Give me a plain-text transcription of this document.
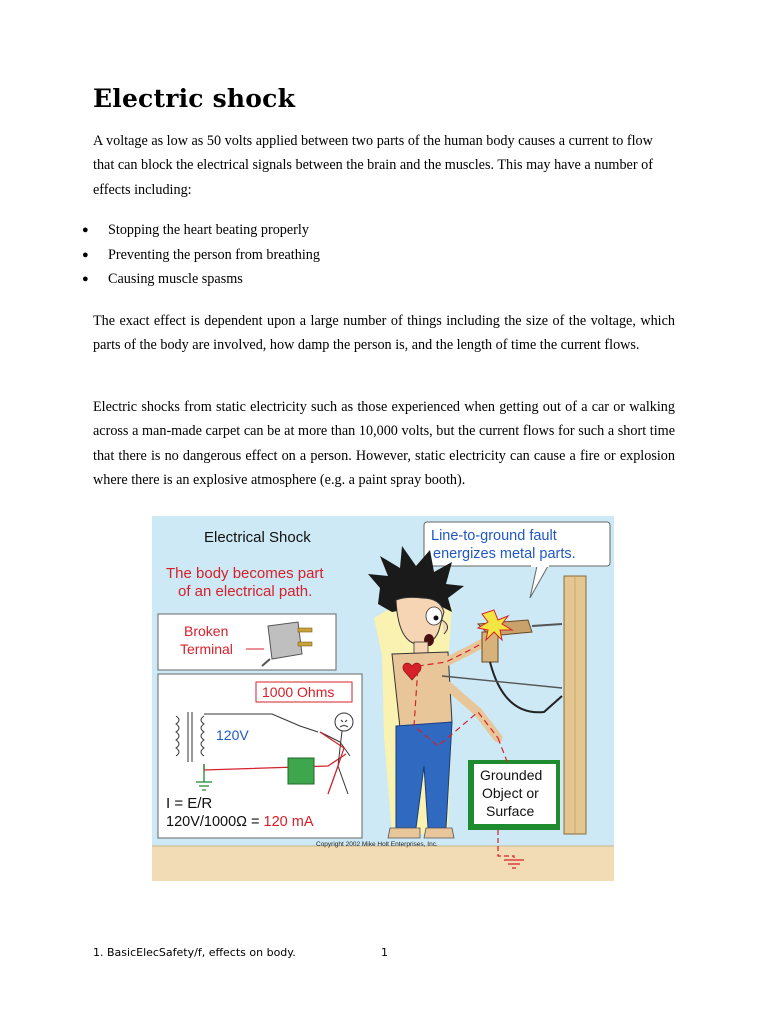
Electric shock

A voltage as low as 50 volts applied between two parts of the human body causes a current to flow that can block the electrical signals between the brain and the muscles. This may have a number of effects including:

● Stopping the heart beating properly
● Preventing the person from breathing
● Causing muscle spasms

The exact effect is dependent upon a large number of things including the size of the voltage, which parts of the body are involved, how damp the person is, and the length of time the current flows.

Electric shocks from static electricity such as those experienced when getting out of a car or walking across a man-made carpet can be at more than 10,000 volts, but the current flows for such a short time that there is no dangerous effect on a person. However, static electricity can cause a fire or explosion where there is an explosive atmosphere (e.g. a paint spray booth).

Electrical Shock
The body becomes part
of an electrical path.
Line-to-ground fault
energizes metal parts.
Broken
Terminal
1000 Ohms
120V
I = E/R
120V/1000Ω = 120 mA
Grounded
Object or
Surface
Copyright 2002 Mike Holt Enterprises, Inc.
1. BasicElecSafety/f, effects on body.	1
